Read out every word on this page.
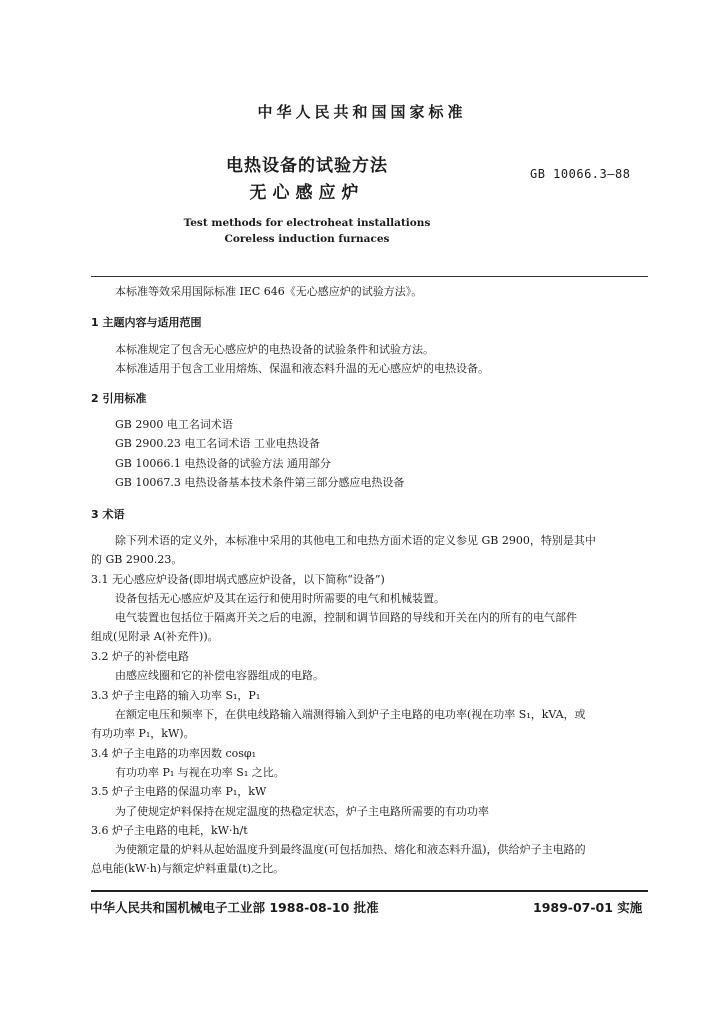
中华人民共和国国家标准
电热设备的试验方法
无心感应炉
GB 10066.3—88
Test methods for electroheat installations
Coreless induction furnaces
本标准等效采用国际标准 IEC 646《无心感应炉的试验方法》。
1 主题内容与适用范围
本标准规定了包含无心感应炉的电热设备的试验条件和试验方法。
本标准适用于包含工业用熔炼、保温和液态料升温的无心感应炉的电热设备。
2 引用标准
GB 2900 电工名词术语
GB 2900.23 电工名词术语 工业电热设备
GB 10066.1 电热设备的试验方法 通用部分
GB 10067.3 电热设备基本技术条件第三部分感应电热设备
3 术语
除下列术语的定义外，本标准中采用的其他电工和电热方面术语的定义参见 GB 2900，特别是其中
的 GB 2900.23。
3.1 无心感应炉设备(即坩埚式感应炉设备，以下简称“设备”)
设备包括无心感应炉及其在运行和使用时所需要的电气和机械装置。
电气装置也包括位于隔离开关之后的电源，控制和调节回路的导线和开关在内的所有的电气部件
组成(见附录 A(补充件))。
3.2 炉子的补偿电路
由感应线圈和它的补偿电容器组成的电路。
3.3 炉子主电路的输入功率 S₁，P₁
在额定电压和频率下，在供电线路输入端测得输入到炉子主电路的电功率(视在功率 S₁，kVA，或
有功功率 P₁，kW)。
3.4 炉子主电路的功率因数 cosφ₁
有功功率 P₁ 与视在功率 S₁ 之比。
3.5 炉子主电路的保温功率 P₁，kW
为了使规定炉料保持在规定温度的热稳定状态，炉子主电路所需要的有功功率
3.6 炉子主电路的电耗，kW·h/t
为使额定量的炉料从起始温度升到最终温度(可包括加热、熔化和液态料升温)，供给炉子主电路的
总电能(kW·h)与额定炉料重量(t)之比。
中华人民共和国机械电子工业部 1988-08-10 批准	1989-07-01 实施
